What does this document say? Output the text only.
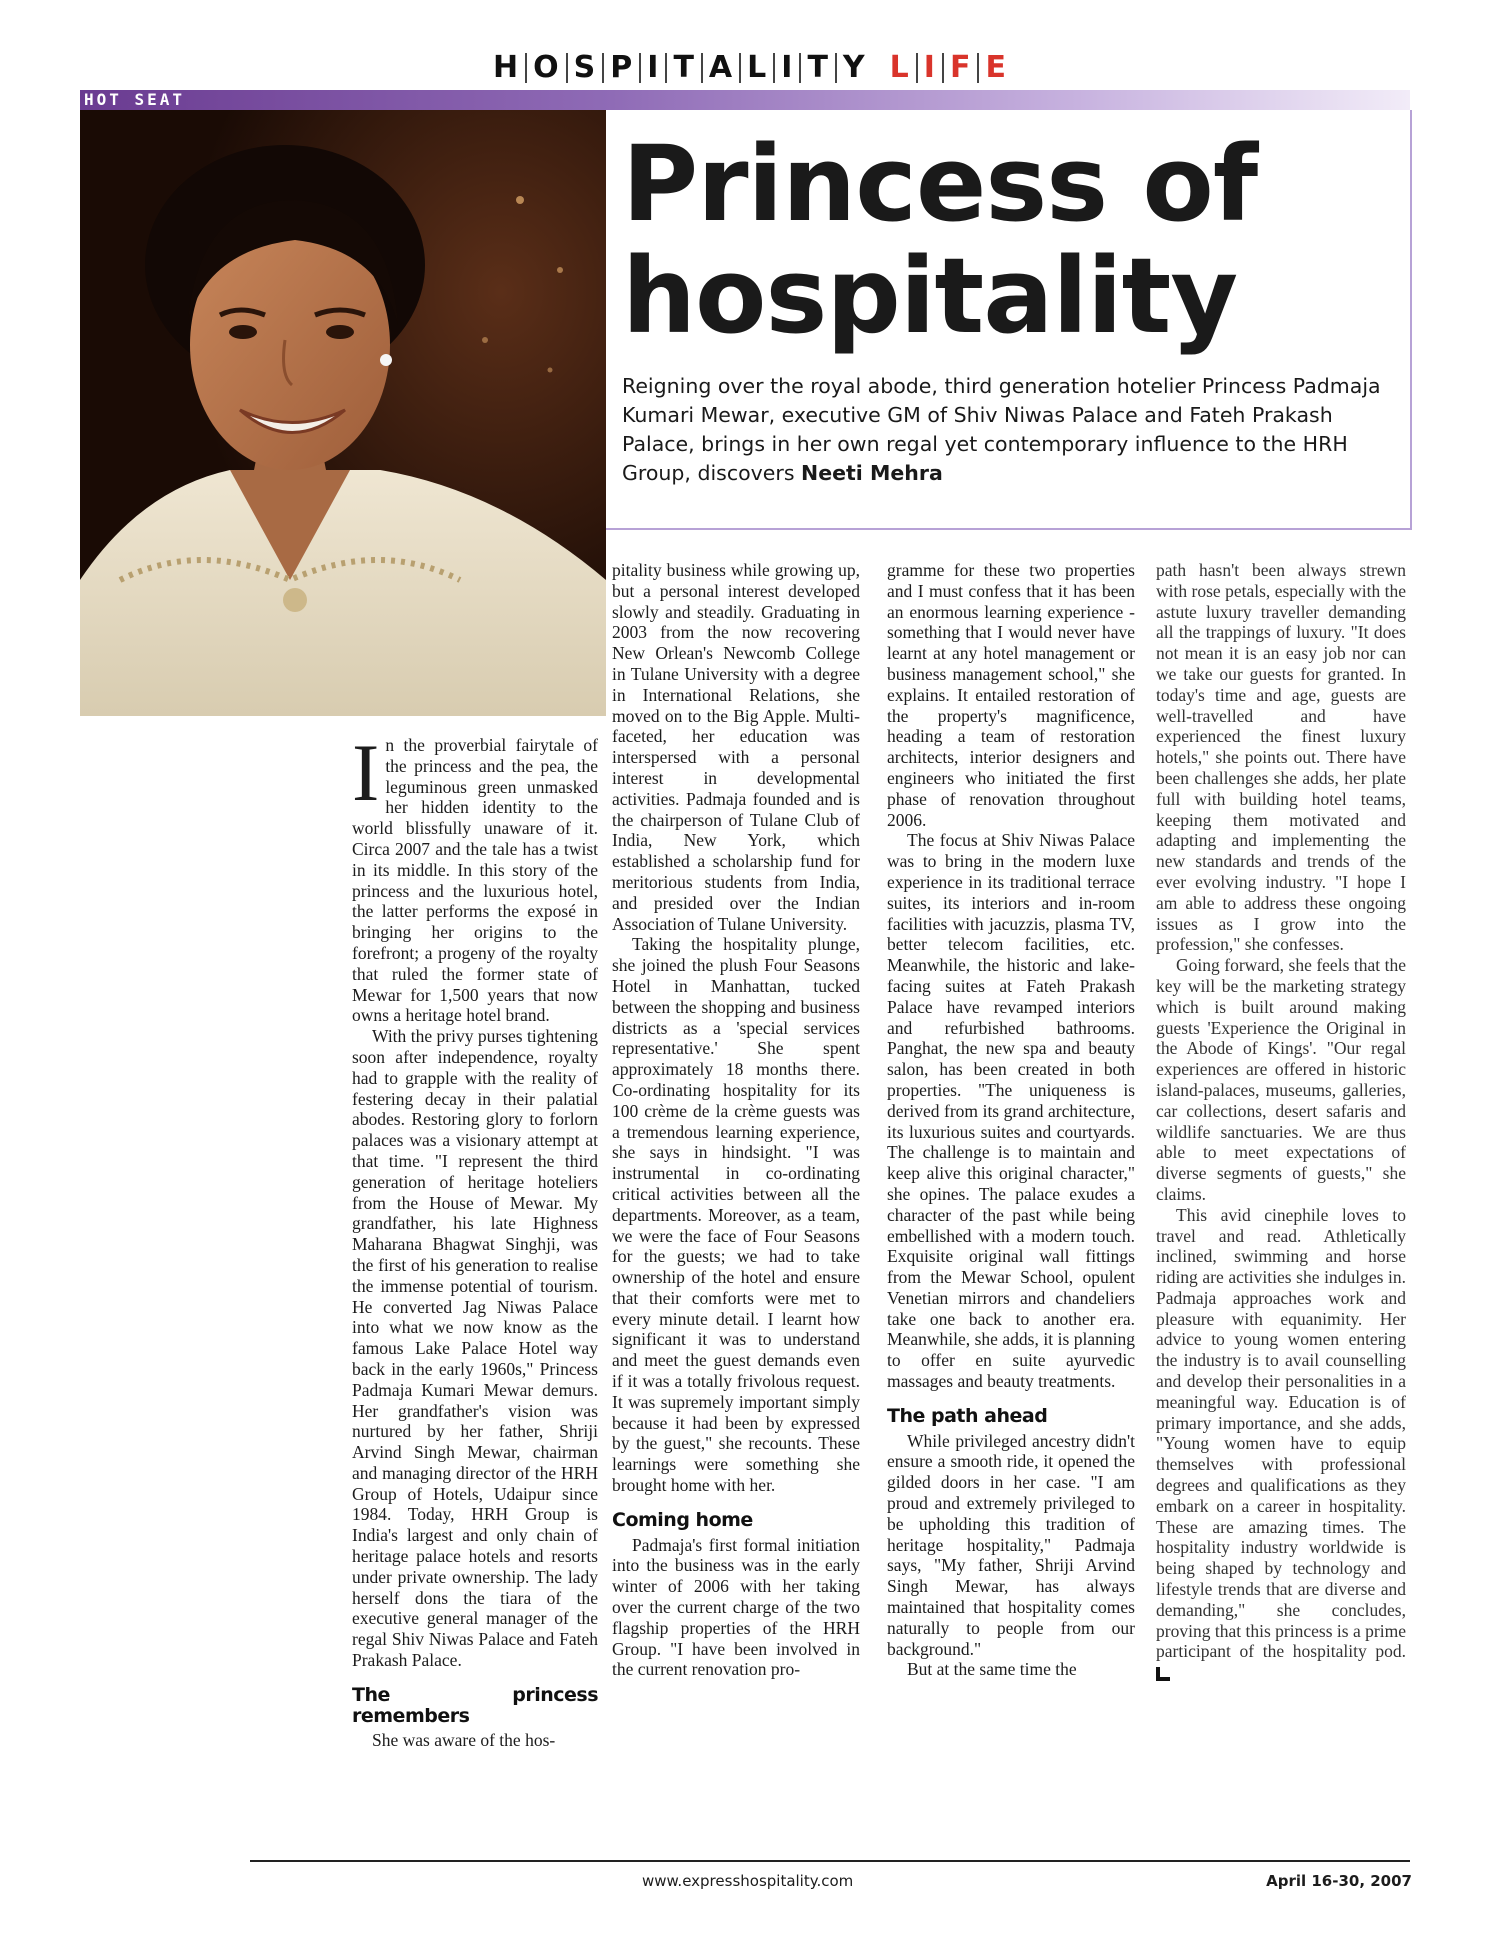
H O S P I T A L I T Y L I F E
HOT SEAT
Princess of
hospitality
Reigning over the royal abode, third generation hotelier Princess Padmaja Kumari Mewar, executive GM of Shiv Niwas Palace and Fateh Prakash Palace, brings in her own regal yet contemporary influence to the HRH Group, discovers Neeti Mehra

In the proverbial fairytale of the princess and the pea, the leguminous green unmasked her hidden identity to the world blissfully unaware of it. Circa 2007 and the tale has a twist in its middle. In this story of the princess and the luxurious hotel, the latter performs the exposé in bringing her origins to the forefront; a progeny of the royalty that ruled the former state of Mewar for 1,500 years that now owns a heritage hotel brand.

With the privy purses tightening soon after independence, royalty had to grapple with the reality of festering decay in their palatial abodes. Restoring glory to forlorn palaces was a visionary attempt at that time. "I represent the third generation of heritage hoteliers from the House of Mewar. My grandfather, his late Highness Maharana Bhagwat Singhji, was the first of his generation to realise the immense potential of tourism. He converted Jag Niwas Palace into what we now know as the famous Lake Palace Hotel way back in the early 1960s," Princess Padmaja Kumari Mewar demurs. Her grandfather's vision was nurtured by her father, Shriji Arvind Singh Mewar, chairman and managing director of the HRH Group of Hotels, Udaipur since 1984. Today, HRH Group is India's largest and only chain of heritage palace hotels and resorts under private ownership. The lady herself dons the tiara of the executive general manager of the regal Shiv Niwas Palace and Fateh Prakash Palace.

The princess remembers

She was aware of the hos-

pitality business while growing up, but a personal interest developed slowly and steadily. Graduating in 2003 from the now recovering New Orlean's Newcomb College in Tulane University with a degree in International Relations, she moved on to the Big Apple. Multi-faceted, her education was interspersed with a personal interest in developmental activities. Padmaja founded and is the chairperson of Tulane Club of India, New York, which established a scholarship fund for meritorious students from India, and presided over the Indian Association of Tulane University.

Taking the hospitality plunge, she joined the plush Four Seasons Hotel in Manhattan, tucked between the shopping and business districts as a 'special services representative.' She spent approximately 18 months there. Co-ordinating hospitality for its 100 crème de la crème guests was a tremendous learning experience, she says in hindsight. "I was instrumental in co-ordinating critical activities between all the departments. Moreover, as a team, we were the face of Four Seasons for the guests; we had to take ownership of the hotel and ensure that their comforts were met to every minute detail. I learnt how significant it was to understand and meet the guest demands even if it was a totally frivolous request. It was supremely important simply because it had been by expressed by the guest," she recounts. These learnings were something she brought home with her.

Coming home

Padmaja's first formal initiation into the business was in the early winter of 2006 with her taking over the current charge of the two flagship properties of the HRH Group. "I have been involved in the current renovation pro-

gramme for these two properties and I must confess that it has been an enormous learning experience - something that I would never have learnt at any hotel management or business management school," she explains. It entailed restoration of the property's magnificence, heading a team of restoration architects, interior designers and engineers who initiated the first phase of renovation throughout 2006.

The focus at Shiv Niwas Palace was to bring in the modern luxe experience in its traditional terrace suites, its interiors and in-room facilities with jacuzzis, plasma TV, better telecom facilities, etc. Meanwhile, the historic and lake-facing suites at Fateh Prakash Palace have revamped interiors and refurbished bathrooms. Panghat, the new spa and beauty salon, has been created in both properties. "The uniqueness is derived from its grand architecture, its luxurious suites and courtyards. The challenge is to maintain and keep alive this original character," she opines. The palace exudes a character of the past while being embellished with a modern touch. Exquisite original wall fittings from the Mewar School, opulent Venetian mirrors and chandeliers take one back to another era. Meanwhile, she adds, it is planning to offer en suite ayurvedic massages and beauty treatments.

The path ahead

While privileged ancestry didn't ensure a smooth ride, it opened the gilded doors in her case. "I am proud and extremely privileged to be upholding this tradition of heritage hospitality," Padmaja says, "My father, Shriji Arvind Singh Mewar, has always maintained that hospitality comes naturally to people from our background."

But at the same time the

path hasn't been always strewn with rose petals, especially with the astute luxury traveller demanding all the trappings of luxury. "It does not mean it is an easy job nor can we take our guests for granted. In today's time and age, guests are well-travelled and have experienced the finest luxury hotels," she points out. There have been challenges she adds, her plate full with building hotel teams, keeping them motivated and adapting and implementing the new standards and trends of the ever evolving industry. "I hope I am able to address these ongoing issues as I grow into the profession," she confesses.

Going forward, she feels that the key will be the marketing strategy which is built around making guests 'Experience the Original in the Abode of Kings'. "Our regal experiences are offered in historic island-palaces, museums, galleries, car collections, desert safaris and wildlife sanctuaries. We are thus able to meet expectations of diverse segments of guests," she claims.

This avid cinephile loves to travel and read. Athletically inclined, swimming and horse riding are activities she indulges in. Padmaja approaches work and pleasure with equanimity. Her advice to young women entering the industry is to avail counselling and develop their personalities in a meaningful way. Education is of primary importance, and she adds, "Young women have to equip themselves with professional degrees and qualifications as they embark on a career in hospitality. These are amazing times. The hospitality industry worldwide is being shaped by technology and lifestyle trends that are diverse and demanding," she concludes, proving that this princess is a prime participant of the hospitality pod.

www.expresshospitality.com	April 16-30, 2007
